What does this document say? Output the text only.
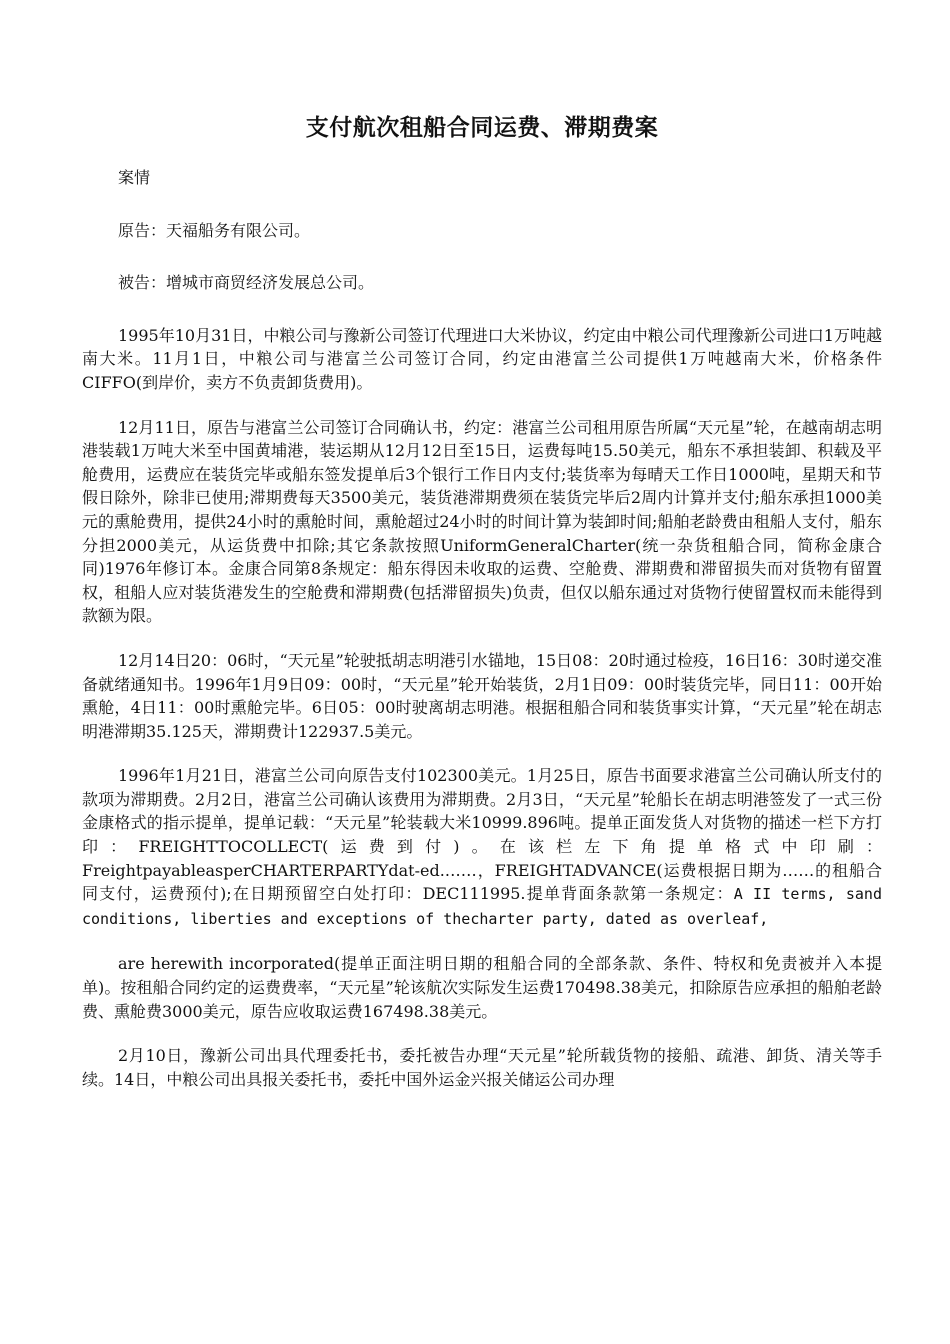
支付航次租船合同运费、滞期费案

案情

原告：天福船务有限公司。

被告：增城市商贸经济发展总公司。

1995年10月31日，中粮公司与豫新公司签订代理进口大米协议，约定由中粮公司代理豫新公司进口1万吨越南大米。11月1日，中粮公司与港富兰公司签订合同，约定由港富兰公司提供1万吨越南大米，价格条件CIFFO(到岸价，卖方不负责卸货费用)。

12月11日，原告与港富兰公司签订合同确认书，约定：港富兰公司租用原告所属“天元星”轮，在越南胡志明港装载1万吨大米至中国黄埔港，装运期从12月12日至15日，运费每吨15.50美元，船东不承担装卸、积载及平舱费用，运费应在装货完毕或船东签发提单后3个银行工作日内支付;装货率为每晴天工作日1000吨，星期天和节假日除外，除非已使用;滞期费每天3500美元，装货港滞期费须在装货完毕后2周内计算并支付;船东承担1000美元的熏舱费用，提供24小时的熏舱时间，熏舱超过24小时的时间计算为装卸时间;船舶老龄费由租船人支付，船东分担2000美元，从运货费中扣除;其它条款按照UniformGeneralCharter(统一杂货租船合同，简称金康合同)1976年修订本。金康合同第8条规定：船东得因未收取的运费、空舱费、滞期费和滞留损失而对货物有留置权，租船人应对装货港发生的空舱费和滞期费(包括滞留损失)负责，但仅以船东通过对货物行使留置权而未能得到款额为限。

12月14日20：06时，“天元星”轮驶抵胡志明港引水锚地，15日08：20时通过检疫，16日16：30时递交准备就绪通知书。1996年1月9日09：00时，“天元星”轮开始装货，2月1日09：00时装货完毕，同日11：00开始熏舱，4日11：00时熏舱完毕。6日05：00时驶离胡志明港。根据租船合同和装货事实计算，“天元星”轮在胡志明港滞期35.125天，滞期费计122937.5美元。

1996年1月21日，港富兰公司向原告支付102300美元。1月25日，原告书面要求港富兰公司确认所支付的款项为滞期费。2月2日，港富兰公司确认该费用为滞期费。2月3日，“天元星”轮船长在胡志明港签发了一式三份金康格式的指示提单，提单记载：“天元星”轮装载大米10999.896吨。提单正面发货人对货物的描述一栏下方打印：FREIGHTTOCOLLECT(运费到付)。在该栏左下角提单格式中印刷：FreightpayableasperCHARTERPARTYdat-ed.……，FREIGHTADVANCE(运费根据日期为……的租船合同支付，运费预付);在日期预留空白处打印：DEC111995.提单背面条款第一条规定：A II terms, sand conditions, liberties and exceptions of thecharter party, dated as overleaf,

are herewith incorporated(提单正面注明日期的租船合同的全部条款、条件、特权和免责被并入本提单)。按租船合同约定的运费费率，“天元星”轮该航次实际发生运费170498.38美元，扣除原告应承担的船舶老龄费、熏舱费3000美元，原告应收取运费167498.38美元。

2月10日，豫新公司出具代理委托书，委托被告办理“天元星”轮所载货物的接船、疏港、卸货、清关等手续。14日，中粮公司出具报关委托书，委托中国外运金兴报关储运公司办理
